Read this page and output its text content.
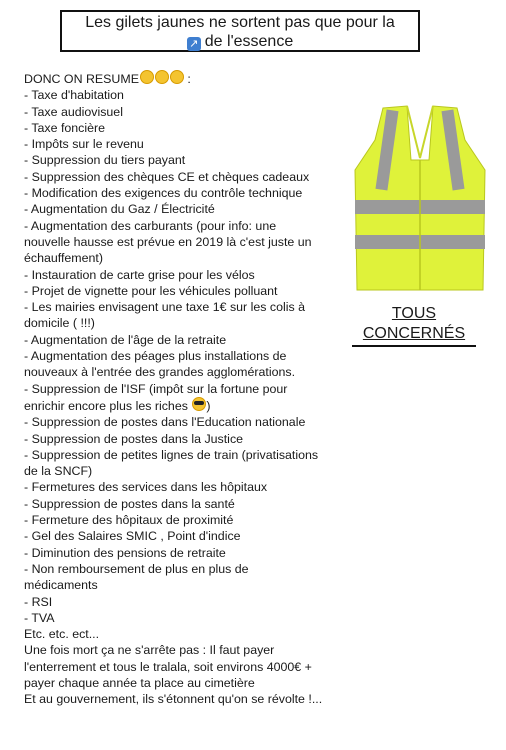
Les gilets jaunes ne sortent pas que pour la
↗ de l'essence
DONC ON RESUME	:
- Taxe d'habitation
- Taxe audiovisuel
- Taxe foncière
- Impôts sur le revenu
- Suppression du tiers payant
- Suppression des chèques CE et chèques cadeaux
- Modification des exigences du contrôle technique
- Augmentation du Gaz / Électricité
- Augmentation des carburants (pour info: une
nouvelle hausse est prévue en 2019 là c'est juste un
échauffement)
- Instauration de carte grise pour les vélos
- Projet de vignette pour les véhicules polluant
- Les mairies envisagent une taxe 1€ sur les colis à
domicile ( !!!)
- Augmentation de l'âge de la retraite
- Augmentation des péages plus installations de
nouveaux à l'entrée des grandes agglomérations.
- Suppression de l'ISF (impôt sur la fortune pour
enrichir encore plus les riches )
- Suppression de postes dans l'Education nationale
- Suppression de postes dans la Justice
- Suppression de petites lignes de train (privatisations
de la SNCF)
- Fermetures des services dans les hôpitaux
- Suppression de postes dans la santé
- Fermeture des hôpitaux de proximité
- Gel des Salaires SMIC , Point d'indice
- Diminution des pensions de retraite
- Non remboursement de plus en plus de
médicaments
- RSI
- TVA
Etc. etc. ect...
Une fois mort ça ne s'arrête pas : Il faut payer
l'enterrement et tous le tralala, soit environs 4000€ +
payer chaque année ta place au cimetière
Et au gouvernement, ils s'étonnent qu'on se révolte !...
TOUS
CONCERNÉS
